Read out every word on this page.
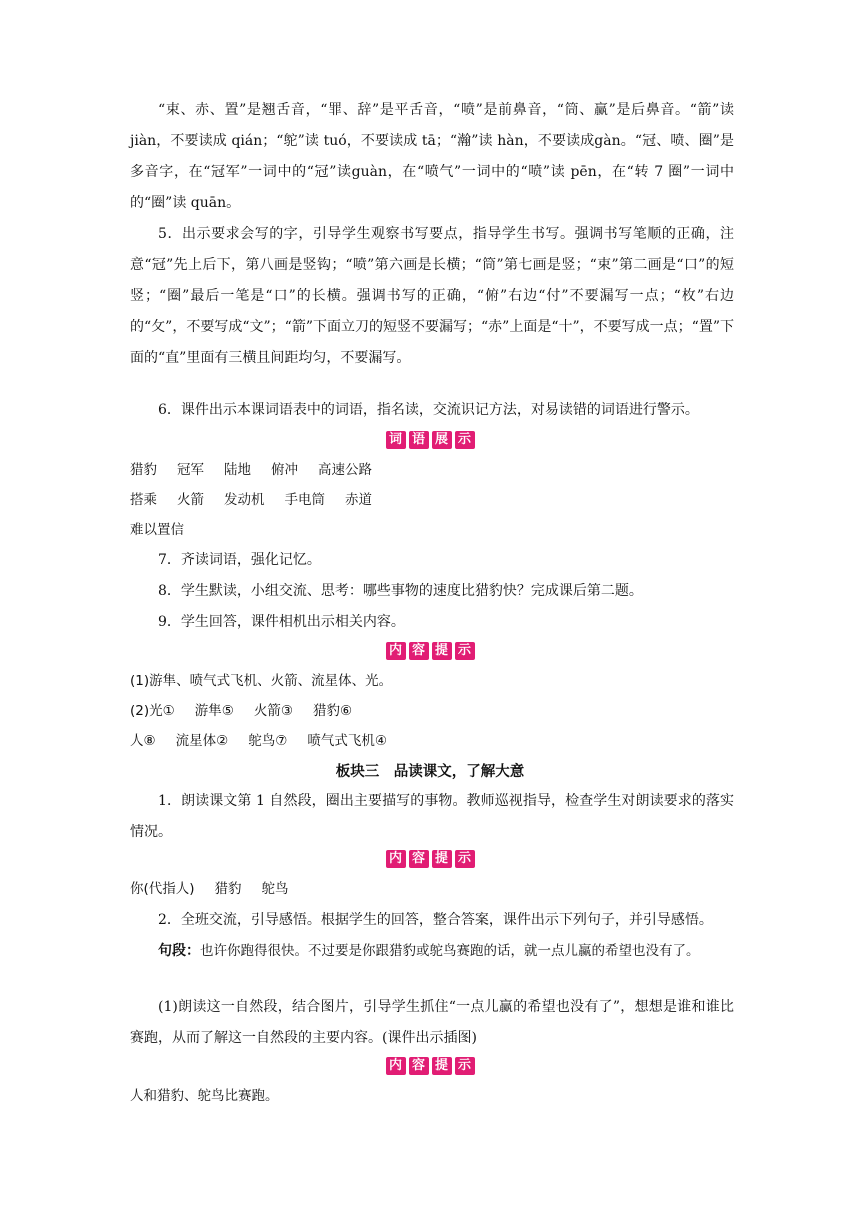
“束、赤、置”是翘舌音，“罪、辞”是平舌音，“喷”是前鼻音，“筒、赢”是后鼻音。“箭”读 jiàn，不要读成 qián；“鸵”读 tuó，不要读成 tā；“瀚”读 hàn，不要读成gàn。“冠、喷、圈”是多音字，在“冠军”一词中的“冠”读guàn，在“喷气”一词中的“喷”读 pēn，在“转 7 圈”一词中的“圈”读 quān。

5．出示要求会写的字，引导学生观察书写要点，指导学生书写。强调书写笔顺的正确，注意“冠”先上后下，第八画是竖钩；“喷”第六画是长横；“筒”第七画是竖；“束”第二画是“口”的短竖；“圈”最后一笔是“口”的长横。强调书写的正确，“俯”右边“付”不要漏写一点；“枚”右边的“攵”，不要写成“文”；“箭”下面立刀的短竖不要漏写；“赤”上面是“十”，不要写成一点；“置”下面的“直”里面有三横且间距均匀，不要漏写。

6．课件出示本课词语表中的词语，指名读，交流识记方法，对易读错的词语进行警示。

词 语 展 示
猎豹 冠军 陆地 俯冲 高速公路
搭乘 火箭 发动机 手电筒 赤道
难以置信

7．齐读词语，强化记忆。

8．学生默读，小组交流、思考：哪些事物的速度比猎豹快？完成课后第二题。

9．学生回答，课件相机出示相关内容。

内 容 提 示
(1)游隼、喷气式飞机、火箭、流星体、光。
(2)光① 游隼⑤ 火箭③ 猎豹⑥
人⑧ 流星体② 鸵鸟⑦ 喷气式飞机④
板块三　品读课文，了解大意

1．朗读课文第 1 自然段，圈出主要描写的事物。教师巡视指导，检查学生对朗读要求的落实情况。

内 容 提 示
你(代指人) 猎豹 鸵鸟

2．全班交流，引导感悟。根据学生的回答，整合答案，课件出示下列句子，并引导感悟。

句段：也许你跑得很快。不过要是你跟猎豹或鸵鸟赛跑的话，就一点儿赢的希望也没有了。

(1)朗读这一自然段，结合图片，引导学生抓住“一点儿赢的希望也没有了”，想想是谁和谁比赛跑，从而了解这一自然段的主要内容。(课件出示插图)

内 容 提 示
人和猎豹、鸵鸟比赛跑。
